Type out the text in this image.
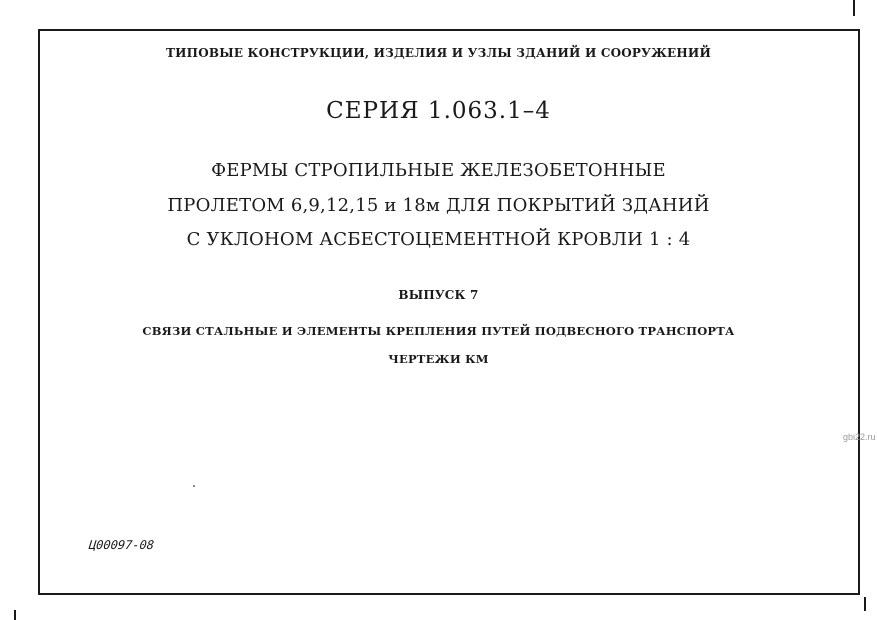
ТИПОВЫЕ КОНСТРУКЦИИ, ИЗДЕЛИЯ И УЗЛЫ ЗДАНИЙ И СООРУЖЕНИЙ
СЕРИЯ 1.063.1–4
ФЕРМЫ СТРОПИЛЬНЫЕ ЖЕЛЕЗОБЕТОННЫЕ
ПРОЛЕТОМ 6,9,12,15 и 18м ДЛЯ ПОКРЫТИЙ ЗДАНИЙ
С УКЛОНОМ АСБЕСТОЦЕМЕНТНОЙ КРОВЛИ 1 : 4
ВЫПУСК 7
СВЯЗИ СТАЛЬНЫЕ И ЭЛЕМЕНТЫ КРЕПЛЕНИЯ ПУТЕЙ ПОДВЕСНОГО ТРАНСПОРТА
ЧЕРТЕЖИ КМ
Ц00097-08
gbi22.ru
